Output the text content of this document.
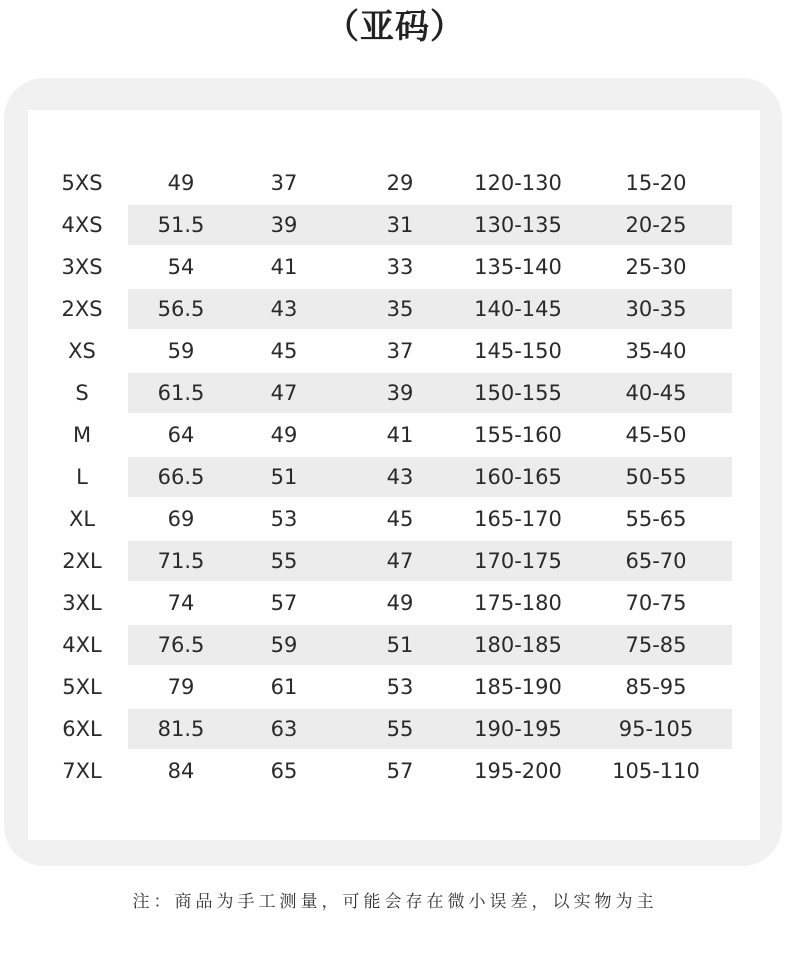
（亚码）
5XS	49	37	29	120-130	15-20
4XS	51.5	39	31	130-135	20-25
3XS	54	41	33	135-140	25-30
2XS	56.5	43	35	140-145	30-35
XS	59	45	37	145-150	35-40
S	61.5	47	39	150-155	40-45
M	64	49	41	155-160	45-50
L	66.5	51	43	160-165	50-55
XL	69	53	45	165-170	55-65
2XL	71.5	55	47	170-175	65-70
3XL	74	57	49	175-180	70-75
4XL	76.5	59	51	180-185	75-85
5XL	79	61	53	185-190	85-95
6XL	81.5	63	55	190-195	95-105
7XL	84	65	57	195-200	105-110
注：商品为手工测量，可能会存在微小误差，以实物为主
